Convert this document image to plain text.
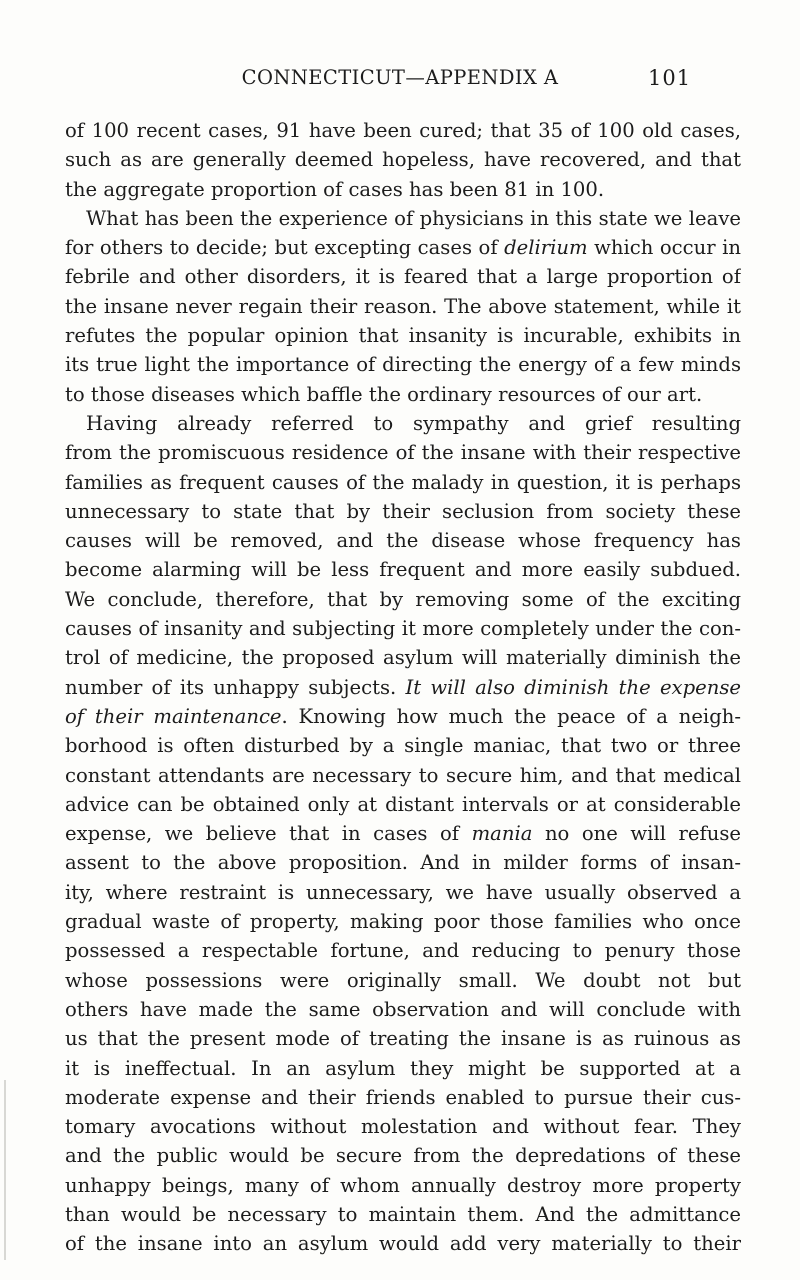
CONNECTICUT—APPENDIX A	101
of 100 recent cases, 91 have been cured; that 35 of 100 old cases,
such as are generally deemed hopeless, have recovered, and that
the aggregate proportion of cases has been 81 in 100.
What has been the experience of physicians in this state we leave
for others to decide; but excepting cases of delirium which occur in
febrile and other disorders, it is feared that a large proportion of
the insane never regain their reason. The above statement, while it
refutes the popular opinion that insanity is incurable, exhibits in
its true light the importance of directing the energy of a few minds
to those diseases which baffle the ordinary resources of our art.
Having already referred to sympathy and grief resulting
from the promiscuous residence of the insane with their respective
families as frequent causes of the malady in question, it is perhaps
unnecessary to state that by their seclusion from society these
causes will be removed, and the disease whose frequency has
become alarming will be less frequent and more easily subdued.
We conclude, therefore, that by removing some of the exciting
causes of insanity and subjecting it more completely under the con-
trol of medicine, the proposed asylum will materially diminish the
number of its unhappy subjects. It will also diminish the expense
of their maintenance. Knowing how much the peace of a neigh-
borhood is often disturbed by a single maniac, that two or three
constant attendants are necessary to secure him, and that medical
advice can be obtained only at distant intervals or at considerable
expense, we believe that in cases of mania no one will refuse
assent to the above proposition. And in milder forms of insan-
ity, where restraint is unnecessary, we have usually observed a
gradual waste of property, making poor those families who once
possessed a respectable fortune, and reducing to penury those
whose possessions were originally small. We doubt not but
others have made the same observation and will conclude with
us that the present mode of treating the insane is as ruinous as
it is ineffectual. In an asylum they might be supported at a
moderate expense and their friends enabled to pursue their cus-
tomary avocations without molestation and without fear. They
and the public would be secure from the depredations of these
unhappy beings, many of whom annually destroy more property
than would be necessary to maintain them. And the admittance
of the insane into an asylum would add very materially to their
